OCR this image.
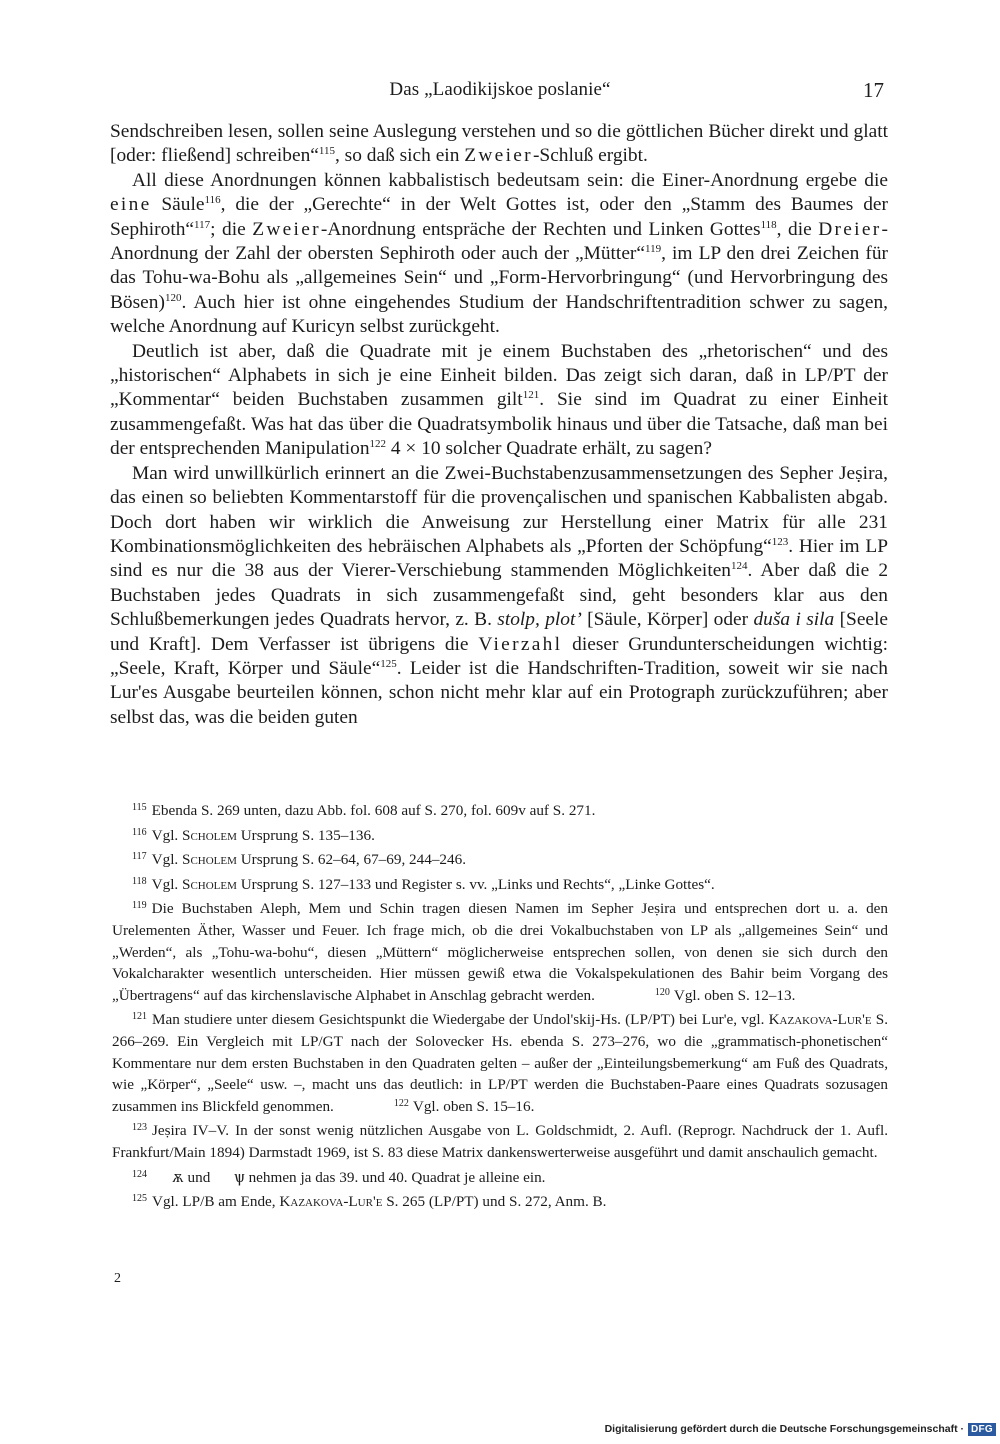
Das „Laodikijskoe poslanie“	17

Sendschreiben lesen, sollen seine Auslegung verstehen und so die göttlichen Bücher direkt und glatt [oder: fließend] schreiben“$^{115}$, so daß sich ein Zweier-Schluß ergibt.

All diese Anordnungen können kabbalistisch bedeutsam sein: die Einer-Anordnung ergebe die eine Säule$^{116}$, die der „Gerechte“ in der Welt Gottes ist, oder den „Stamm des Baumes der Sephiroth“$^{117}$; die Zweier-Anordnung entspräche der Rechten und Linken Gottes$^{118}$, die Dreier-Anordnung der Zahl der obersten Sephiroth oder auch der „Mütter“$^{119}$, im LP den drei Zeichen für das Tohu-wa-Bohu als „allgemeines Sein“ und „Form-Hervorbringung“ (und Hervorbringung des Bösen)$^{120}$. Auch hier ist ohne eingehendes Studium der Handschriftentradition schwer zu sagen, welche Anordnung auf Kuricyn selbst zurückgeht.

Deutlich ist aber, daß die Quadrate mit je einem Buchstaben des „rhetorischen“ und des „historischen“ Alphabets in sich je eine Einheit bilden. Das zeigt sich daran, daß in LP/PT der „Kommentar“ beiden Buchstaben zusammen gilt$^{121}$. Sie sind im Quadrat zu einer Einheit zusammengefaßt. Was hat das über die Quadratsymbolik hinaus und über die Tatsache, daß man bei der entsprechenden Manipulation$^{122}$ 4 × 10 solcher Quadrate erhält, zu sagen?

Man wird unwillkürlich erinnert an die Zwei-Buchstabenzusammensetzungen des Sepher Jeṣira, das einen so beliebten Kommentarstoff für die provençalischen und spanischen Kabbalisten abgab. Doch dort haben wir wirklich die Anweisung zur Herstellung einer Matrix für alle 231 Kombinationsmöglichkeiten des hebräischen Alphabets als „Pforten der Schöpfung“$^{123}$. Hier im LP sind es nur die 38 aus der Vierer-Verschiebung stammenden Möglichkeiten$^{124}$. Aber daß die 2 Buchstaben jedes Quadrats in sich zusammengefaßt sind, geht besonders klar aus den Schlußbemerkungen jedes Quadrats hervor, z. B. stolp, plot’ [Säule, Körper] oder duša i sila [Seele und Kraft]. Dem Verfasser ist übrigens die Vierzahl dieser Grundunterscheidungen wichtig: „Seele, Kraft, Körper und Säule“$^{125}$. Leider ist die Handschriften-Tradition, soweit wir sie nach Lur'es Ausgabe beurteilen können, schon nicht mehr klar auf ein Protograph zurückzuführen; aber selbst das, was die beiden guten

$^{115}$ Ebenda S. 269 unten, dazu Abb. fol. 608 auf S. 270, fol. 609v auf S. 271.

$^{116}$ Vgl. Scholem Ursprung S. 135–136.

$^{117}$ Vgl. Scholem Ursprung S. 62–64, 67–69, 244–246.

$^{118}$ Vgl. Scholem Ursprung S. 127–133 und Register s. vv. „Links und Rechts“, „Linke Gottes“.

$^{119}$ Die Buchstaben Aleph, Mem und Schin tragen diesen Namen im Sepher Jeṣira und entsprechen dort u. a. den Urelementen Äther, Wasser und Feuer. Ich frage mich, ob die drei Vokalbuchstaben von LP als „allgemeines Sein“ und „Werden“, als „Tohu-wa-bohu“, diesen „Müttern“ möglicherweise entsprechen sollen, von denen sie sich durch den Vokalcharakter wesentlich unterscheiden. Hier müssen gewiß etwa die Vokalspekulationen des Bahir beim Vorgang des „Übertragens“ auf das kirchenslavische Alphabet in Anschlag gebracht werden.	$^{120}$ Vgl. oben S. 12–13.

$^{121}$ Man studiere unter diesem Gesichtspunkt die Wiedergabe der Undol'skij-Hs. (LP/PT) bei Lur'e, vgl. Kazakova-Lur'e S. 266–269. Ein Vergleich mit LP/GT nach der Solovecker Hs. ebenda S. 273–276, wo die „grammatisch-phonetischen“ Kommentare nur dem ersten Buchstaben in den Quadraten gelten – außer der „Einteilungsbemerkung“ am Fuß des Quadrats, wie „Körper“, „Seele“ usw. –, macht uns das deutlich: in LP/PT werden die Buchstaben-Paare eines Quadrats sozusagen zusammen ins Blickfeld genommen.	$^{122}$ Vgl. oben S. 15–16.

$^{123}$ Jeṣira IV–V. In der sonst wenig nützlichen Ausgabe von L. Goldschmidt, 2. Aufl. (Reprogr. Nachdruck der 1. Aufl. Frankfurt/Main 1894) Darmstadt 1969, ist S. 83 diese Matrix dankenswerterweise ausgeführt und damit anschaulich gemacht.

$^{124}$ ѫ und ѱ nehmen ja das 39. und 40. Quadrat je alleine ein.

$^{125}$ Vgl. LP/B am Ende, Kazakova-Lur'e S. 265 (LP/PT) und S. 272, Anm. B.

2
Digitalisierung gefördert durch die Deutsche Forschungsgemeinschaft · DFG
